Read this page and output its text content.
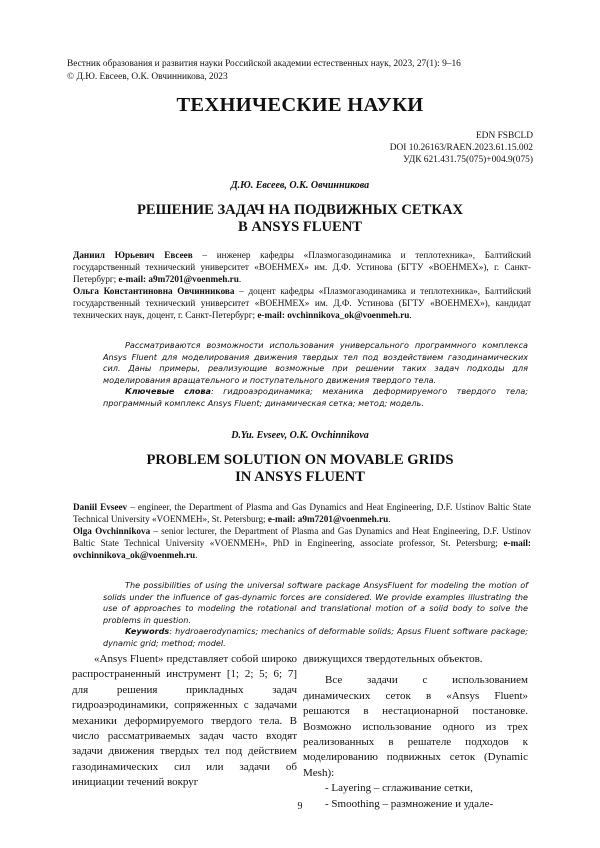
Вестник образования и развития науки Российской академии естественных наук, 2023, 27(1): 9–16
© Д.Ю. Евсеев, О.К. Овчинникова, 2023
ТЕХНИЧЕСКИЕ НАУКИ
EDN FSBCLD
DOI 10.26163/RAEN.2023.61.15.002
УДК 621.431.75(075)+004.9(075)
Д.Ю. Евсеев, О.К. Овчинникова
РЕШЕНИЕ ЗАДАЧ НА ПОДВИЖНЫХ СЕТКАХ
В ANSYS FLUENT

Даниил Юрьевич Евсеев – инженер кафедры «Плазмогазодинамика и теплотехника», Балтийский государственный технический университет «ВОЕНМЕХ» им. Д.Ф. Устинова (БГТУ «ВОЕНМЕХ»), г. Санкт-Петербург; e-mail: a9m7201@voenmeh.ru.

Ольга Константиновна Овчинникова – доцент кафедры «Плазмогазодинамика и теплотехника», Балтийский государственный технический университет «ВОЕНМЕХ» им. Д.Ф. Устинова (БГТУ «ВОЕНМЕХ»), кандидат технических наук, доцент, г. Санкт-Петербург; e-mail: ovchinnikova_ok@voenmeh.ru.

Рассматриваются возможности использования универсального программного комплекса Ansys Fluent для моделирования движения твердых тел под воздействием газодинамических сил. Даны примеры, реализующие возможные при решении таких задач подходы для моделирования вращательного и поступательного движения твердого тела.

Ключевые слова: гидроаэродинамика; механика деформируемого твердого тела; программный комплекс Ansys Fluent; динамическая сетка; метод; модель.

D.Yu. Evseev, O.K. Ovchinnikova
PROBLEM SOLUTION ON MOVABLE GRIDS
IN ANSYS FLUENT

Daniil Evseev – engineer, the Department of Plasma and Gas Dynamics and Heat Engineering, D.F. Ustinov Baltic State Technical University «VOENMEH», St. Petersburg; e-mail: a9m7201@voenmeh.ru.

Olga Ovchinnikova – senior lecturer, the Department of Plasma and Gas Dynamics and Heat Engineering, D.F. Ustinov Baltic State Technical University «VOENMEH», PhD in Engineering, associate professor, St. Petersburg; e-mail: ovchinnikova_ok@voenmeh.ru.

The possibilities of using the universal software package AnsysFluent for modeling the motion of solids under the influence of gas-dynamic forces are considered. We provide examples illustrating the use of approaches to modeling the rotational and translational motion of a solid body to solve the problems in question.

Keywords: hydroaerodynamics; mechanics of deformable solids; Apsus Fluent software package; dynamic grid; method; model.

«Ansys Fluent» представляет собой широко распространенный инструмент [1; 2; 5; 6; 7] для решения прикладных задач гидроаэродинамики, сопряженных с задачами механики деформируемого твердого тела. В число рассматриваемых задач часто входят задачи движения твердых тел под действием газодинамических сил или задачи об инициации течений вокруг

движущихся твердотельных объектов.

Все задачи с использованием динамических сеток в «Ansys Fluent» решаются в нестационарной постановке. Возможно использование одного из трех реализованных в решателе подходов к моделированию подвижных сеток (Dynamic Mesh):

- Layering – сглаживание сетки,

- Smoothing – размножение и удале-

9
